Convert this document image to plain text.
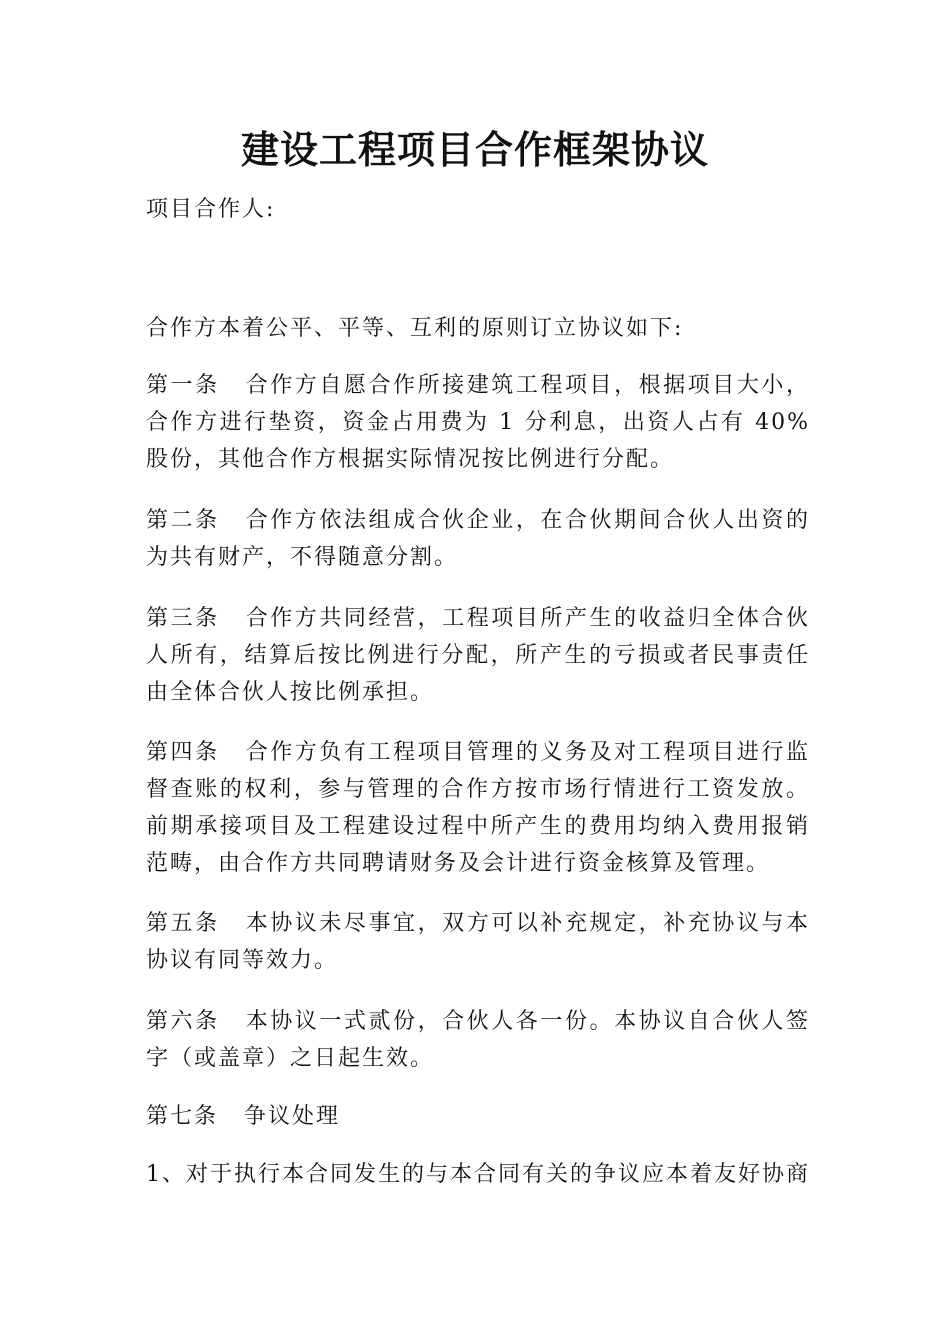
建设工程项目合作框架协议

项目合作人:

合作方本着公平、平等、互利的原则订立协议如下:

第一条 合作方自愿合作所接建筑工程项目，根据项目大小，合作方进行垫资，资金占用费为 1 分利息，出资人占有 40%股份，其他合作方根据实际情况按比例进行分配。

第二条 合作方依法组成合伙企业，在合伙期间合伙人出资的为共有财产，不得随意分割。

第三条 合作方共同经营，工程项目所产生的收益归全体合伙人所有，结算后按比例进行分配，所产生的亏损或者民事责任由全体合伙人按比例承担。

第四条 合作方负有工程项目管理的义务及对工程项目进行监督查账的权利，参与管理的合作方按市场行情进行工资发放。前期承接项目及工程建设过程中所产生的费用均纳入费用报销范畴，由合作方共同聘请财务及会计进行资金核算及管理。

第五条 本协议未尽事宜，双方可以补充规定，补充协议与本协议有同等效力。

第六条 本协议一式贰份，合伙人各一份。本协议自合伙人签字（或盖章）之日起生效。

第七条 争议处理

1、对于执行本合同发生的与本合同有关的争议应本着友好协商
